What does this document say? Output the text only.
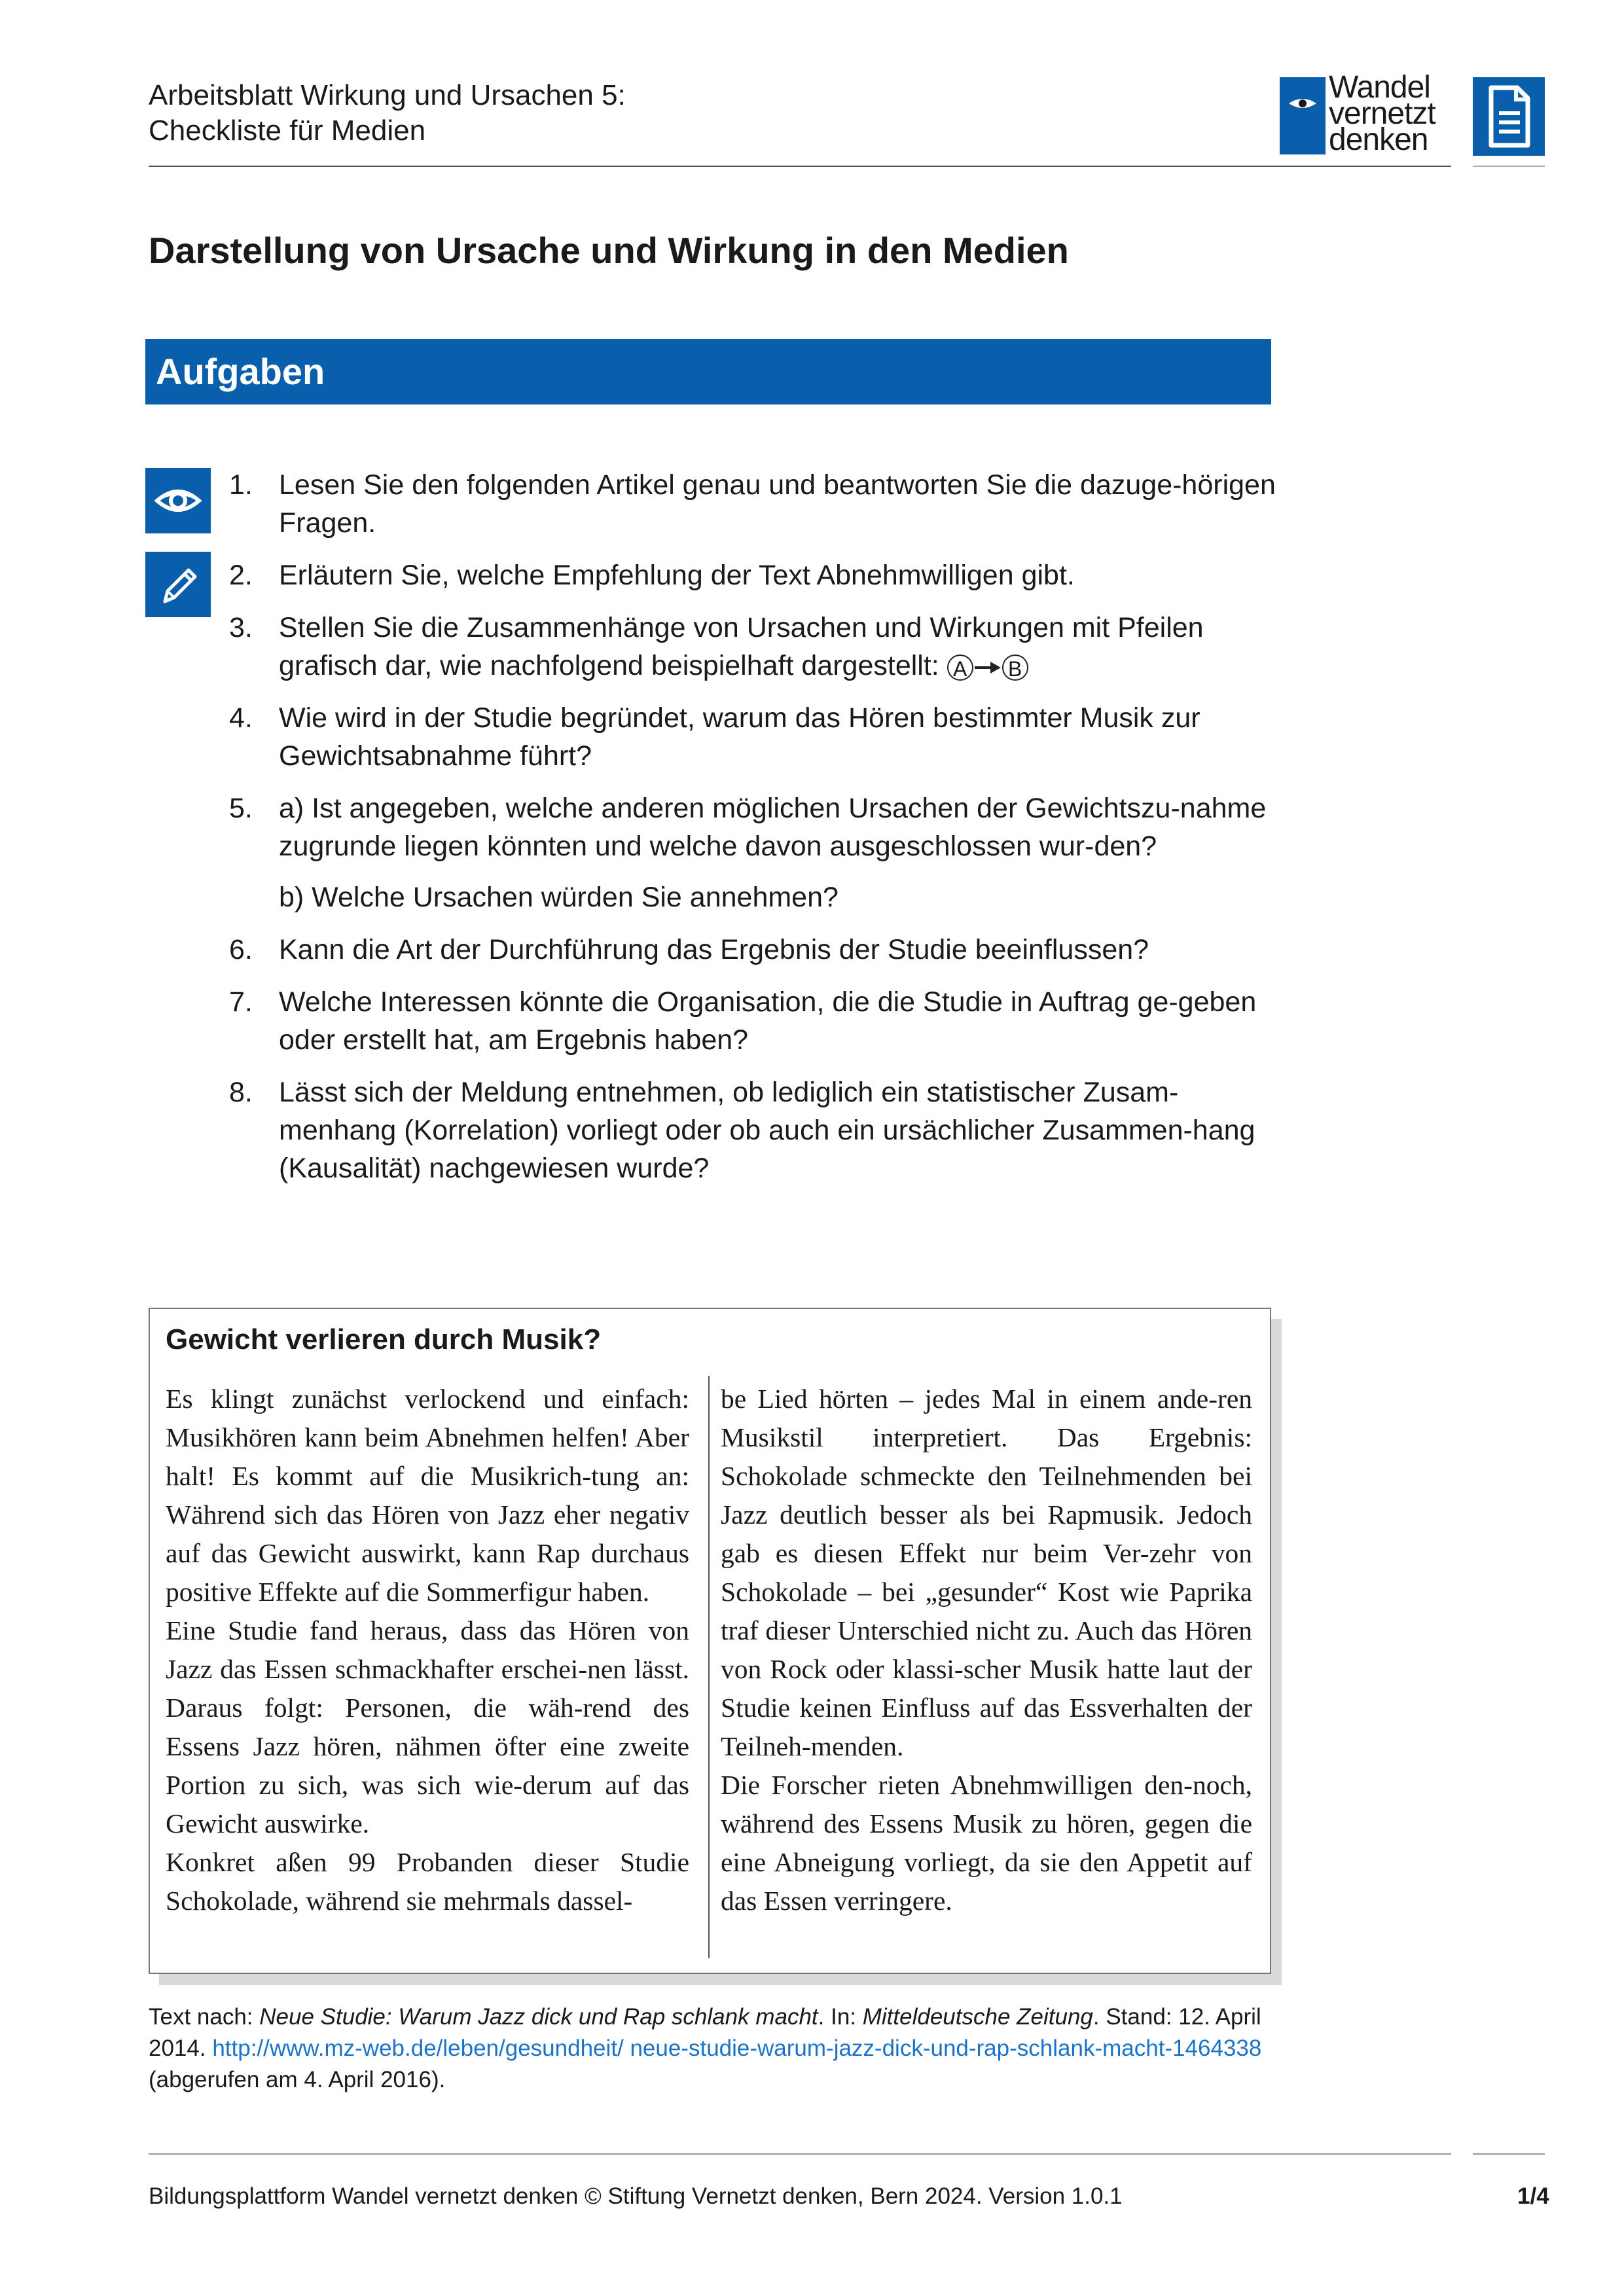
Arbeitsblatt Wirkung und Ursachen 5:
Checkliste für Medien
Wandel
vernetzt
denken
Darstellung von Ursache und Wirkung in den Medien
Aufgaben
1. Lesen Sie den folgenden Artikel genau und beantworten Sie die dazuge-hörigen Fragen.

2. Erläutern Sie, welche Empfehlung der Text Abnehmwilligen gibt.

3. Stellen Sie die Zusammenhänge von Ursachen und Wirkungen mit Pfeilen grafisch dar, wie nachfolgend beispielhaft dargestellt: A B

4. Wie wird in der Studie begründet, warum das Hören bestimmter Musik zur Gewichtsabnahme führt?

5. a) Ist angegeben, welche anderen möglichen Ursachen der Gewichtszu-nahme zugrunde liegen könnten und welche davon ausgeschlossen wur-den?

b) Welche Ursachen würden Sie annehmen?

6. Kann die Art der Durchführung das Ergebnis der Studie beeinflussen?

7. Welche Interessen könnte die Organisation, die die Studie in Auftrag ge-geben oder erstellt hat, am Ergebnis haben?

8. Lässt sich der Meldung entnehmen, ob lediglich ein statistischer Zusam-menhang (Korrelation) vorliegt oder ob auch ein ursächlicher Zusammen-hang (Kausalität) nachgewiesen wurde?

Gewicht verlieren durch Musik?

Es klingt zunächst verlockend und einfach: Musikhören kann beim Abnehmen helfen! Aber halt! Es kommt auf die Musikrich-tung an: Während sich das Hören von Jazz eher negativ auf das Gewicht auswirkt, kann Rap durchaus positive Effekte auf die Sommerfigur haben.

Eine Studie fand heraus, dass das Hören von Jazz das Essen schmackhafter erschei-nen lässt. Daraus folgt: Personen, die wäh-rend des Essens Jazz hören, nähmen öfter eine zweite Portion zu sich, was sich wie-derum auf das Gewicht auswirke.

Konkret aßen 99 Probanden dieser Studie Schokolade, während sie mehrmals dassel-

be Lied hörten – jedes Mal in einem ande-ren Musikstil interpretiert. Das Ergebnis: Schokolade schmeckte den Teilnehmenden bei Jazz deutlich besser als bei Rapmusik. Jedoch gab es diesen Effekt nur beim Ver-zehr von Schokolade – bei „gesunder“ Kost wie Paprika traf dieser Unterschied nicht zu. Auch das Hören von Rock oder klassi-scher Musik hatte laut der Studie keinen Einfluss auf das Essverhalten der Teilneh-menden.

Die Forscher rieten Abnehmwilligen den-noch, während des Essens Musik zu hören, gegen die eine Abneigung vorliegt, da sie den Appetit auf das Essen verringere.

Text nach: Neue Studie: Warum Jazz dick und Rap schlank macht. In: Mitteldeutsche Zeitung. Stand: 12. April 2014. http://www.mz-web.de/leben/gesundheit/ neue-studie-warum-jazz-dick-und-rap-schlank-macht-1464338 (abgerufen am 4. April 2016).
Bildungsplattform Wandel vernetzt denken © Stiftung Vernetzt denken, Bern 2024. Version 1.0.1	1/4
